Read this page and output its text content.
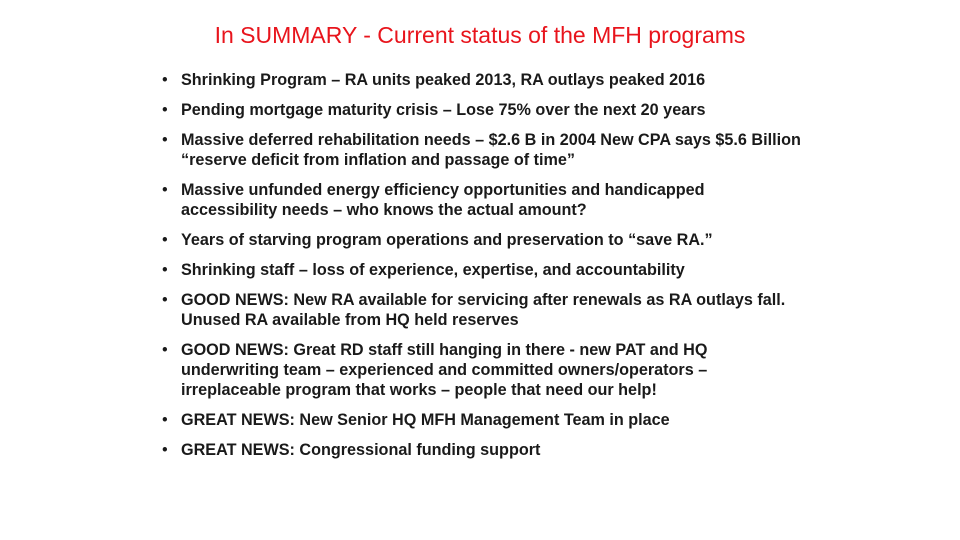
In SUMMARY - Current status of the MFH programs
• Shrinking Program – RA units peaked 2013, RA outlays peaked 2016
• Pending mortgage maturity crisis – Lose 75% over the next 20 years
• Massive deferred rehabilitation needs – $2.6 B in 2004 New CPA says $5.6 Billion “reserve deficit from inflation and passage of time”
• Massive unfunded energy efficiency opportunities and handicapped accessibility needs – who knows the actual amount?
• Years of starving program operations and preservation to “save RA.”
• Shrinking staff – loss of experience, expertise, and accountability
• GOOD NEWS: New RA available for servicing after renewals as RA outlays fall. Unused RA available from HQ held reserves
• GOOD NEWS: Great RD staff still hanging in there - new PAT and HQ underwriting team – experienced and committed owners/operators – irreplaceable program that works – people that need our help!
• GREAT NEWS: New Senior HQ MFH Management Team in place
• GREAT NEWS: Congressional funding support
